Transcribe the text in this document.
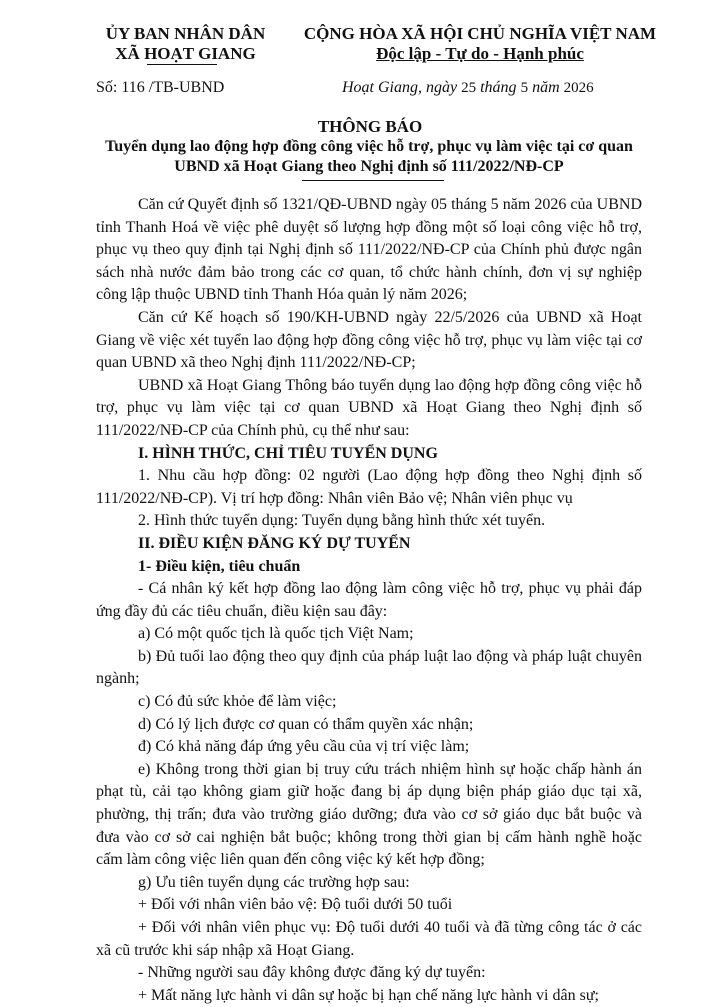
ỦY BAN NHÂN DÂN
XÃ HOẠT GIANG
CỘNG HÒA XÃ HỘI CHỦ NGHĨA VIỆT NAM
Độc lập - Tự do - Hạnh phúc
Số: 116 /TB-UBND	Hoạt Giang, ngày 25 tháng 5 năm 2026
THÔNG BÁO
Tuyển dụng lao động hợp đồng công việc hỗ trợ, phục vụ làm việc tại cơ quan UBND xã Hoạt Giang theo Nghị định số 111/2022/NĐ-CP

Căn cứ Quyết định số 1321/QĐ-UBND ngày 05 tháng 5 năm 2026 của UBND tỉnh Thanh Hoá về việc phê duyệt số lượng hợp đồng một số loại công việc hỗ trợ, phục vụ theo quy định tại Nghị định số 111/2022/NĐ-CP của Chính phủ được ngân sách nhà nước đảm bảo trong các cơ quan, tổ chức hành chính, đơn vị sự nghiệp công lập thuộc UBND tỉnh Thanh Hóa quản lý năm 2026;

Căn cứ Kế hoạch số 190/KH-UBND ngày 22/5/2026 của UBND xã Hoạt Giang về việc xét tuyển lao động hợp đồng công việc hỗ trợ, phục vụ làm việc tại cơ quan UBND xã theo Nghị định 111/2022/NĐ-CP;

UBND xã Hoạt Giang Thông báo tuyển dụng lao động hợp đồng công việc hỗ trợ, phục vụ làm việc tại cơ quan UBND xã Hoạt Giang theo Nghị định số 111/2022/NĐ-CP của Chính phủ, cụ thể như sau:

I. HÌNH THỨC, CHỈ TIÊU TUYỂN DỤNG

1. Nhu cầu hợp đồng: 02 người (Lao động hợp đồng theo Nghị định số 111/2022/NĐ-CP). Vị trí hợp đồng: Nhân viên Bảo vệ; Nhân viên phục vụ

2. Hình thức tuyển dụng: Tuyển dụng bằng hình thức xét tuyển.

II. ĐIỀU KIỆN ĐĂNG KÝ DỰ TUYỂN

1- Điều kiện, tiêu chuẩn

- Cá nhân ký kết hợp đồng lao động làm công việc hỗ trợ, phục vụ phải đáp ứng đầy đủ các tiêu chuẩn, điều kiện sau đây:

a) Có một quốc tịch là quốc tịch Việt Nam;

b) Đủ tuổi lao động theo quy định của pháp luật lao động và pháp luật chuyên ngành;

c) Có đủ sức khỏe để làm việc;

d) Có lý lịch được cơ quan có thẩm quyền xác nhận;

đ) Có khả năng đáp ứng yêu cầu của vị trí việc làm;

e) Không trong thời gian bị truy cứu trách nhiệm hình sự hoặc chấp hành án phạt tù, cải tạo không giam giữ hoặc đang bị áp dụng biện pháp giáo dục tại xã, phường, thị trấn; đưa vào trường giáo dưỡng; đưa vào cơ sở giáo dục bắt buộc và đưa vào cơ sở cai nghiện bắt buộc; không trong thời gian bị cấm hành nghề hoặc cấm làm công việc liên quan đến công việc ký kết hợp đồng;

g) Ưu tiên tuyển dụng các trường hợp sau:

+ Đối với nhân viên bảo vệ: Độ tuổi dưới 50 tuổi

+ Đối với nhân viên phục vụ: Độ tuổi dưới 40 tuổi và đã từng công tác ở các xã cũ trước khi sáp nhập xã Hoạt Giang.

- Những người sau đây không được đăng ký dự tuyển:

+ Mất năng lực hành vi dân sự hoặc bị hạn chế năng lực hành vi dân sự;
